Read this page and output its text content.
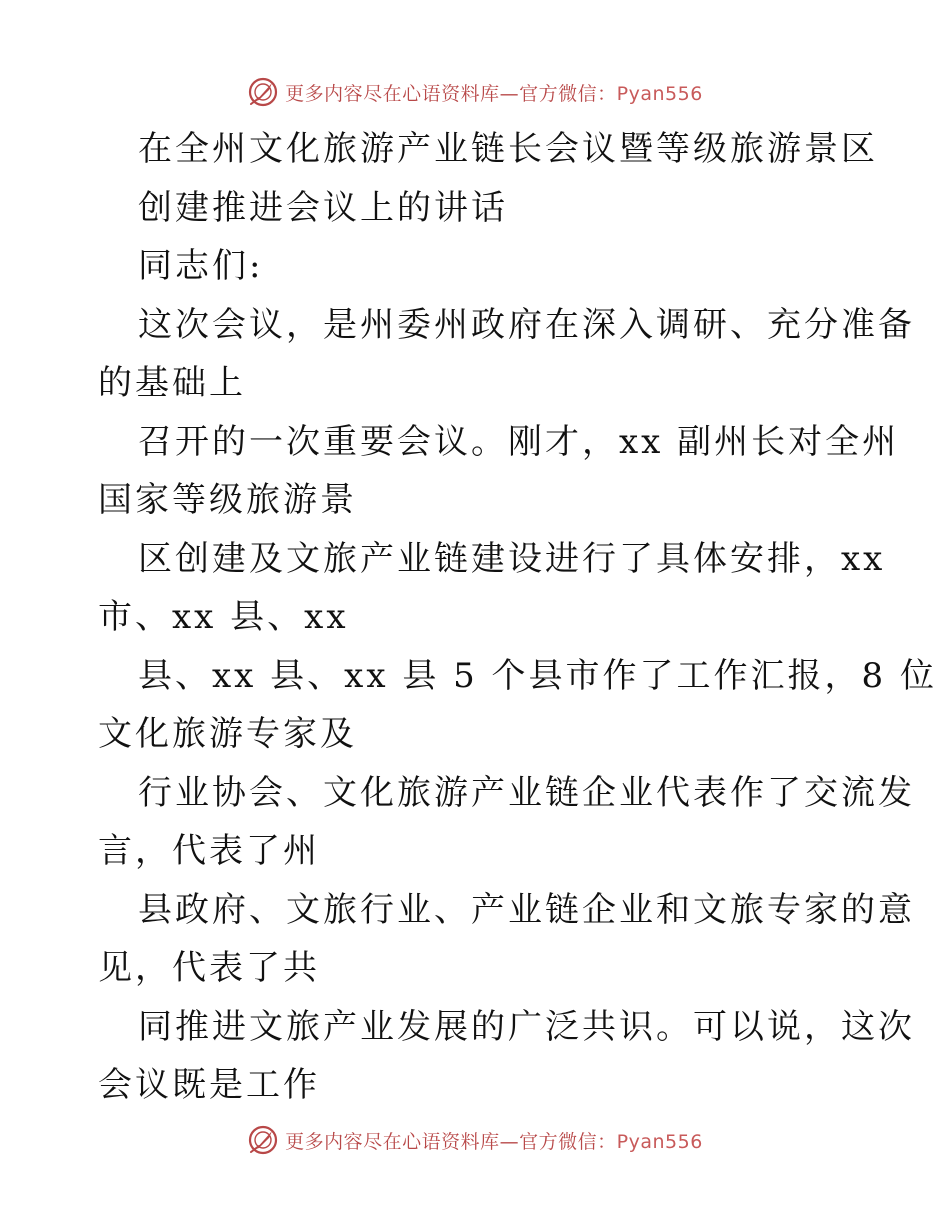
更多内容尽在心语资料库—官方微信：Pyan556
在全州文化旅游产业链长会议暨等级旅游景区
创建推进会议上的讲话
同志们:
这次会议，是州委州政府在深入调研、充分准备
的基础上
召开的一次重要会议。刚才，xx 副州长对全州
国家等级旅游景
区创建及文旅产业链建设进行了具体安排，xx
市、xx 县、xx
县、xx 县、xx 县 5 个县市作了工作汇报，8 位
文化旅游专家及
行业协会、文化旅游产业链企业代表作了交流发
言，代表了州
县政府、文旅行业、产业链企业和文旅专家的意
见，代表了共
同推进文旅产业发展的广泛共识。可以说，这次
会议既是工作
更多内容尽在心语资料库—官方微信：Pyan556
